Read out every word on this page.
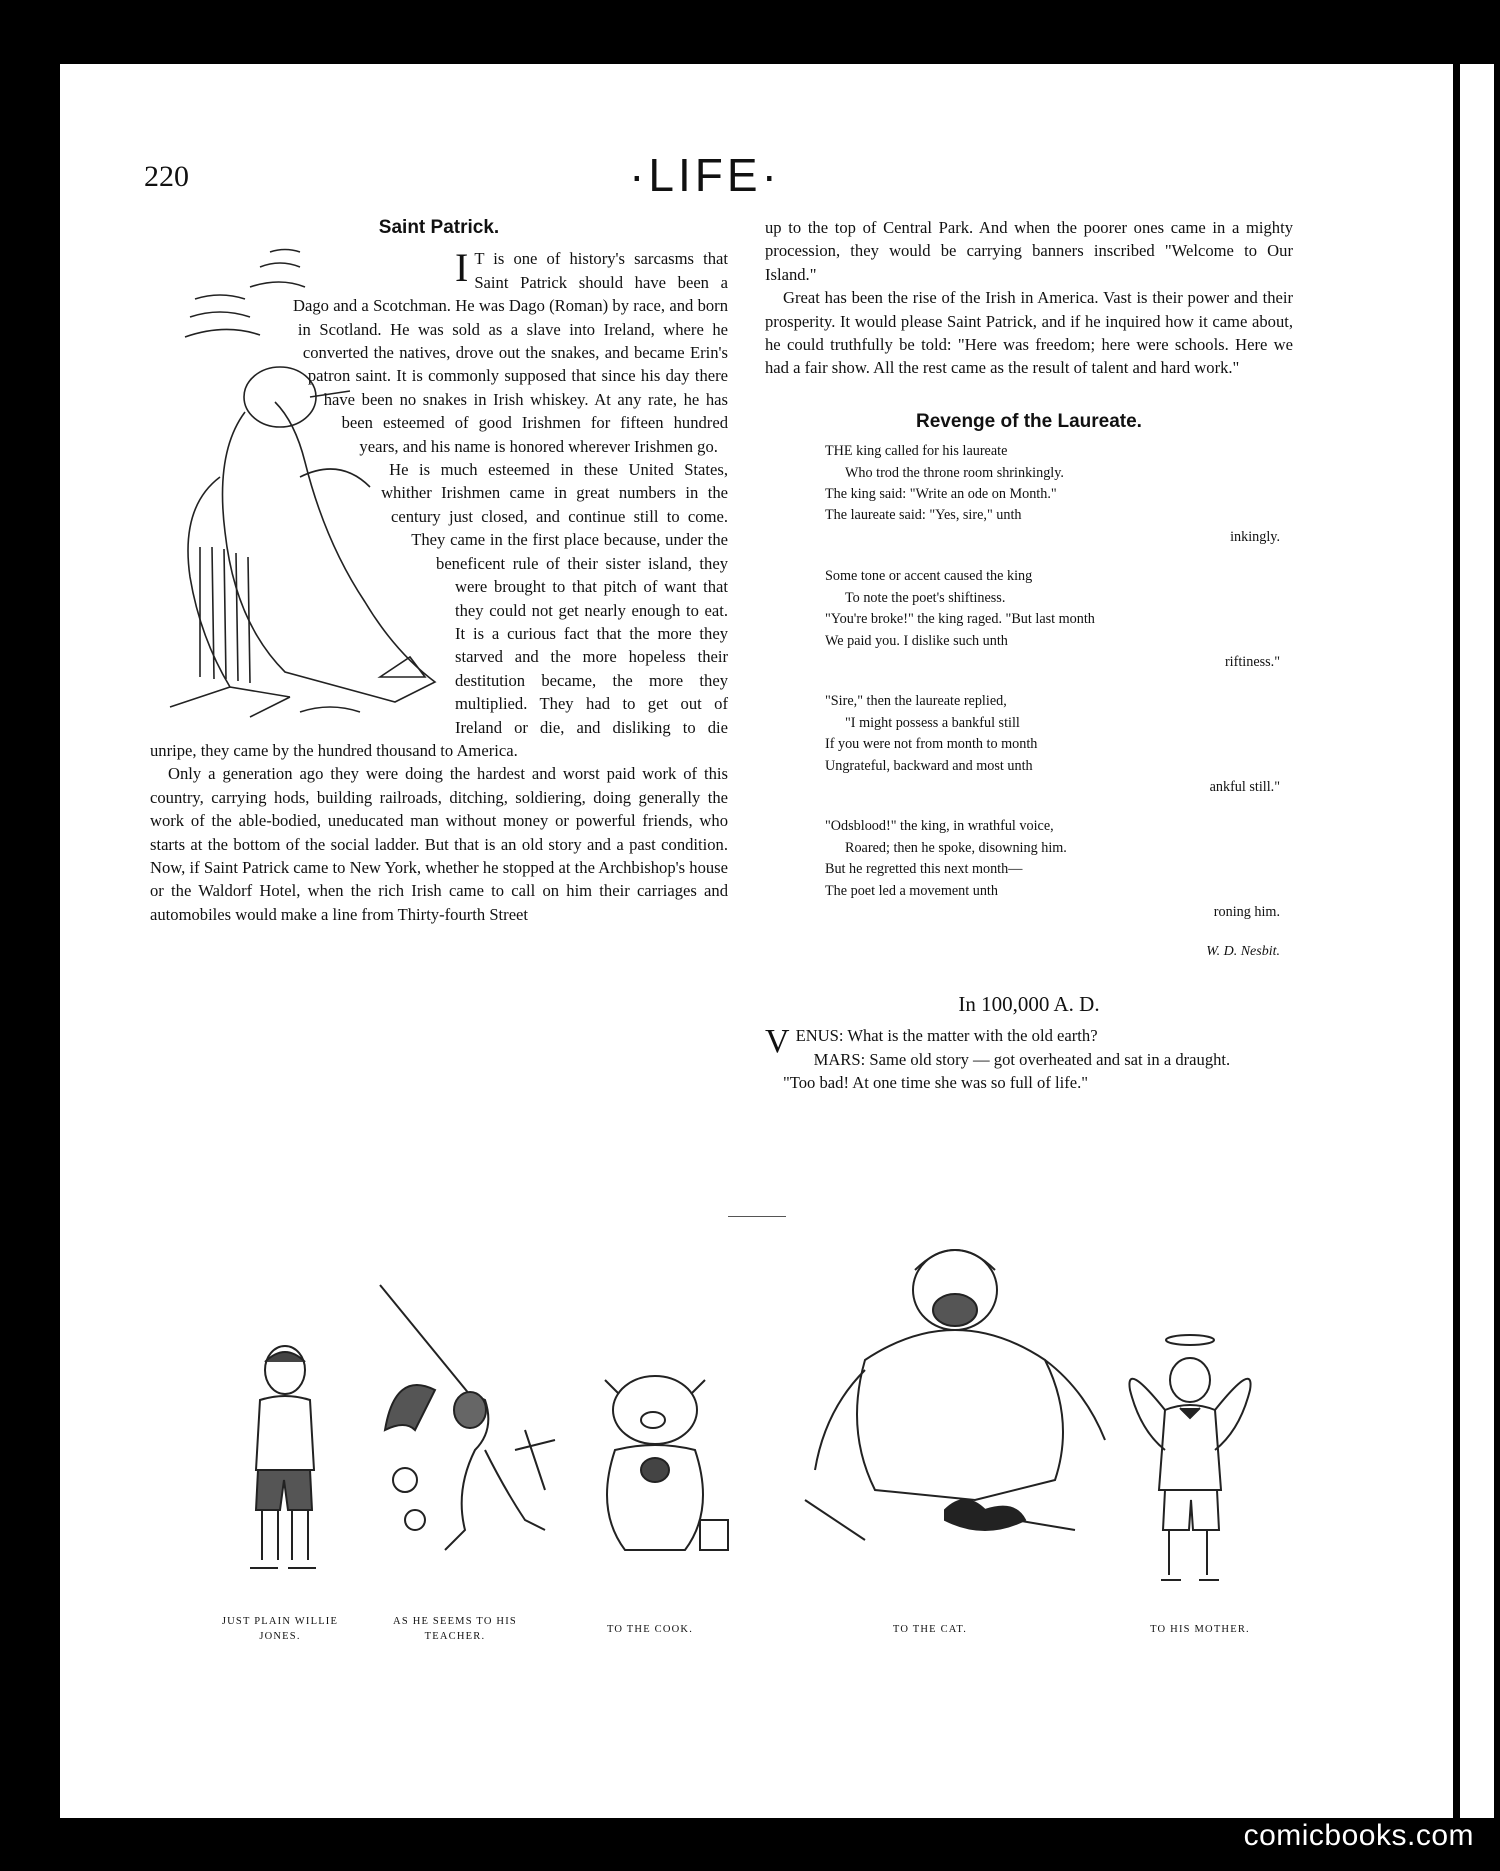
comicbooks.com
220	·LIFE·
Saint Patrick.

I T is one of history's sarcasms that Saint Patrick should have been a Dago and a Scotchman. He was Dago (Roman) by race, and born in Scotland. He was sold as a slave into Ireland, where he converted the natives, drove out the snakes, and became Erin's patron saint. It is commonly supposed that since his day there have been no snakes in Irish whiskey. At any rate, he has been esteemed of good Irishmen for fifteen hundred years, and his name is honored wherever Irishmen go.

He is much esteemed in these United States, whither Irishmen came in great numbers in the century just closed, and continue still to come. They came in the first place because, under the beneficent rule of their sister island, they were brought to that pitch of want that they could not get nearly enough to eat. It is a curious fact that the more they starved and the more hopeless their destitution became, the more they multiplied. They had to get out of Ireland or die, and disliking to die unripe, they came by the hundred thousand to America.

Only a generation ago they were doing the hardest and worst paid work of this country, carrying hods, building railroads, ditching, soldiering, doing generally the work of the able-bodied, uneducated man without money or powerful friends, who starts at the bottom of the social ladder. But that is an old story and a past condition. Now, if Saint Patrick came to New York, whether he stopped at the Archbishop's house or the Waldorf Hotel, when the rich Irish came to call on him their carriages and automobiles would make a line from Thirty-fourth Street

up to the top of Central Park. And when the poorer ones came in a mighty procession, they would be carrying banners inscribed "Welcome to Our Island."

Great has been the rise of the Irish in America. Vast is their power and their prosperity. It would please Saint Patrick, and if he inquired how it came about, he could truthfully be told: "Here was freedom; here were schools. Here we had a fair show. All the rest came as the result of talent and hard work."

Revenge of the Laureate.
THE king called for his laureate
Who trod the throne room shrinkingly.
The king said: "Write an ode on Month."
The laureate said: "Yes, sire," unth
inkingly.
Some tone or accent caused the king
To note the poet's shiftiness.
"You're broke!" the king raged. "But last month
We paid you. I dislike such unth
riftiness."
"Sire," then the laureate replied,
"I might possess a bankful still
If you were not from month to month
Ungrateful, backward and most unth
ankful still."
"Odsblood!" the king, in wrathful voice,
Roared; then he spoke, disowning him.
But he regretted this next month—
The poet led a movement unth
roning him.
W. D. Nesbit.
In 100,000 A. D.

VENUS: What is the matter with the old earth?

MARS: Same old story — got overheated and sat in a draught.

"Too bad! At one time she was so full of life."

JUST PLAIN WILLIE JONES.
AS HE SEEMS TO HIS TEACHER.
TO THE COOK.	TO THE CAT.	TO HIS MOTHER.
